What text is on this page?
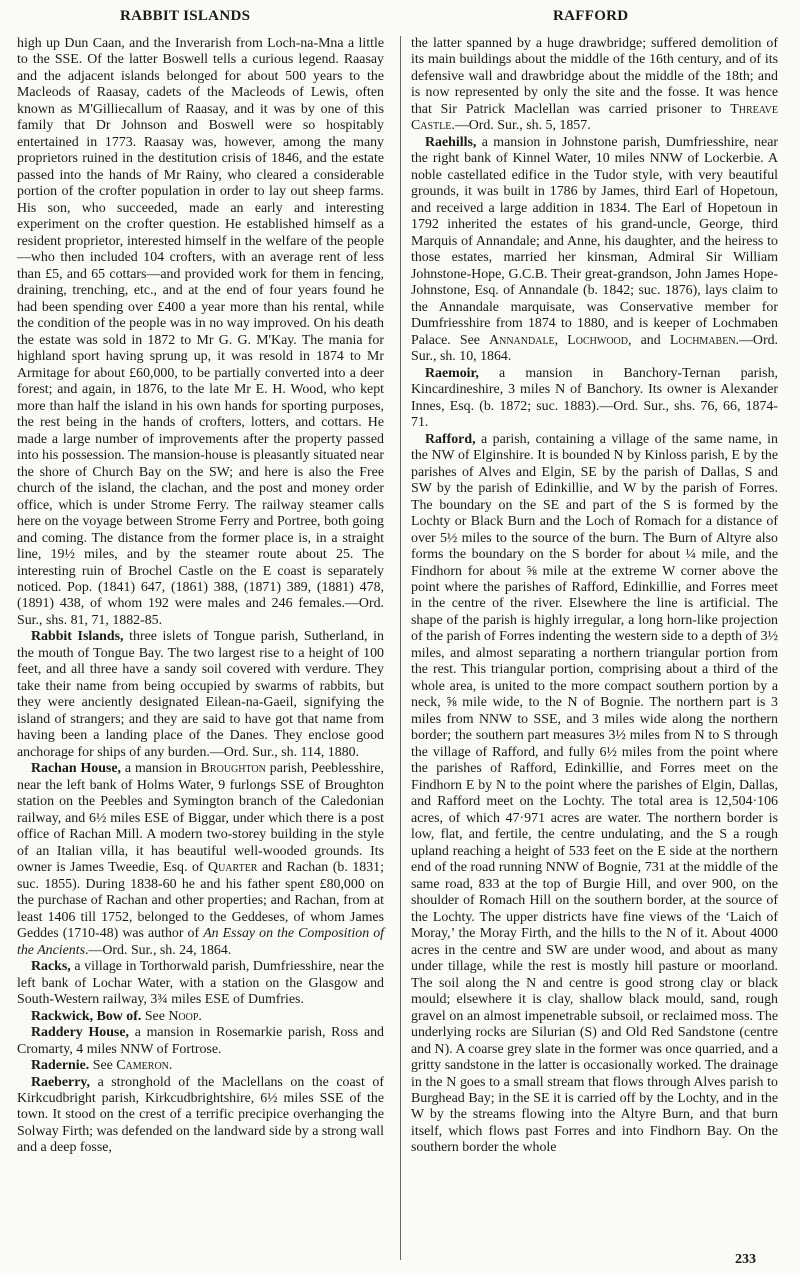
RABBIT ISLANDS	RAFFORD

high up Dun Caan, and the Inverarish from Loch-na-Mna a little to the SSE. Of the latter Boswell tells a curious legend. Raasay and the adjacent islands belonged for about 500 years to the Macleods of Raasay, cadets of the Macleods of Lewis, often known as M'Gilliecallum of Raasay, and it was by one of this family that Dr Johnson and Boswell were so hospitably entertained in 1773. Raasay was, however, among the many proprietors ruined in the destitution crisis of 1846, and the estate passed into the hands of Mr Rainy, who cleared a considerable portion of the crofter population in order to lay out sheep farms. His son, who succeeded, made an early and interesting experiment on the crofter question. He established himself as a resident proprietor, interested himself in the welfare of the people—who then included 104 crofters, with an average rent of less than £5, and 65 cottars—and provided work for them in fencing, draining, trenching, etc., and at the end of four years found he had been spending over £400 a year more than his rental, while the condition of the people was in no way improved. On his death the estate was sold in 1872 to Mr G. G. M'Kay. The mania for highland sport having sprung up, it was resold in 1874 to Mr Armitage for about £60,000, to be partially converted into a deer forest; and again, in 1876, to the late Mr E. H. Wood, who kept more than half the island in his own hands for sporting purposes, the rest being in the hands of crofters, lotters, and cottars. He made a large number of improvements after the property passed into his possession. The mansion-house is pleasantly situated near the shore of Church Bay on the SW; and here is also the Free church of the island, the clachan, and the post and money order office, which is under Strome Ferry. The railway steamer calls here on the voyage between Strome Ferry and Portree, both going and coming. The distance from the former place is, in a straight line, 19½ miles, and by the steamer route about 25. The interesting ruin of Brochel Castle on the E coast is separately noticed. Pop. (1841) 647, (1861) 388, (1871) 389, (1881) 478, (1891) 438, of whom 192 were males and 246 females.—Ord. Sur., shs. 81, 71, 1882-85.

Rabbit Islands, three islets of Tongue parish, Sutherland, in the mouth of Tongue Bay. The two largest rise to a height of 100 feet, and all three have a sandy soil covered with verdure. They take their name from being occupied by swarms of rabbits, but they were anciently designated Eilean-na-Gaeil, signifying the island of strangers; and they are said to have got that name from having been a landing place of the Danes. They enclose good anchorage for ships of any burden.—Ord. Sur., sh. 114, 1880.

Rachan House, a mansion in Broughton parish, Peeblesshire, near the left bank of Holms Water, 9 furlongs SSE of Broughton station on the Peebles and Symington branch of the Caledonian railway, and 6½ miles ESE of Biggar, under which there is a post office of Rachan Mill. A modern two-storey building in the style of an Italian villa, it has beautiful well-wooded grounds. Its owner is James Tweedie, Esq. of Quarter and Rachan (b. 1831; suc. 1855). During 1838-60 he and his father spent £80,000 on the purchase of Rachan and other properties; and Rachan, from at least 1406 till 1752, belonged to the Geddeses, of whom James Geddes (1710-48) was author of An Essay on the Composition of the Ancients.—Ord. Sur., sh. 24, 1864.

Racks, a village in Torthorwald parish, Dumfriesshire, near the left bank of Lochar Water, with a station on the Glasgow and South-Western railway, 3¾ miles ESE of Dumfries.

Rackwick, Bow of. See Noop.

Raddery House, a mansion in Rosemarkie parish, Ross and Cromarty, 4 miles NNW of Fortrose.

Radernie. See Cameron.

Raeberry, a stronghold of the Maclellans on the coast of Kirkcudbright parish, Kirkcudbrightshire, 6½ miles SSE of the town. It stood on the crest of a terrific precipice overhanging the Solway Firth; was defended on the landward side by a strong wall and a deep fosse,

the latter spanned by a huge drawbridge; suffered demolition of its main buildings about the middle of the 16th century, and of its defensive wall and drawbridge about the middle of the 18th; and is now represented by only the site and the fosse. It was hence that Sir Patrick Maclellan was carried prisoner to Threave Castle.—Ord. Sur., sh. 5, 1857.

Raehills, a mansion in Johnstone parish, Dumfriesshire, near the right bank of Kinnel Water, 10 miles NNW of Lockerbie. A noble castellated edifice in the Tudor style, with very beautiful grounds, it was built in 1786 by James, third Earl of Hopetoun, and received a large addition in 1834. The Earl of Hopetoun in 1792 inherited the estates of his grand-uncle, George, third Marquis of Annandale; and Anne, his daughter, and the heiress to those estates, married her kinsman, Admiral Sir William Johnstone-Hope, G.C.B. Their great-grandson, John James Hope-Johnstone, Esq. of Annandale (b. 1842; suc. 1876), lays claim to the Annandale marquisate, was Conservative member for Dumfriesshire from 1874 to 1880, and is keeper of Lochmaben Palace. See Annandale, Lochwood, and Lochmaben.—Ord. Sur., sh. 10, 1864.

Raemoir, a mansion in Banchory-Ternan parish, Kincardineshire, 3 miles N of Banchory. Its owner is Alexander Innes, Esq. (b. 1872; suc. 1883).—Ord. Sur., shs. 76, 66, 1874-71.

Rafford, a parish, containing a village of the same name, in the NW of Elginshire. It is bounded N by Kinloss parish, E by the parishes of Alves and Elgin, SE by the parish of Dallas, S and SW by the parish of Edinkillie, and W by the parish of Forres. The boundary on the SE and part of the S is formed by the Lochty or Black Burn and the Loch of Romach for a distance of over 5½ miles to the source of the burn. The Burn of Altyre also forms the boundary on the S border for about ¼ mile, and the Findhorn for about ⅝ mile at the extreme W corner above the point where the parishes of Rafford, Edinkillie, and Forres meet in the centre of the river. Elsewhere the line is artificial. The shape of the parish is highly irregular, a long horn-like projection of the parish of Forres indenting the western side to a depth of 3½ miles, and almost separating a northern triangular portion from the rest. This triangular portion, comprising about a third of the whole area, is united to the more compact southern portion by a neck, ⅝ mile wide, to the N of Bognie. The northern part is 3 miles from NNW to SSE, and 3 miles wide along the northern border; the southern part measures 3½ miles from N to S through the village of Rafford, and fully 6½ miles from the point where the parishes of Rafford, Edinkillie, and Forres meet on the Findhorn E by N to the point where the parishes of Elgin, Dallas, and Rafford meet on the Lochty. The total area is 12,504·106 acres, of which 47·971 acres are water. The northern border is low, flat, and fertile, the centre undulating, and the S a rough upland reaching a height of 533 feet on the E side at the northern end of the road running NNW of Bognie, 731 at the middle of the same road, 833 at the top of Burgie Hill, and over 900, on the shoulder of Romach Hill on the southern border, at the source of the Lochty. The upper districts have fine views of the ‘Laich of Moray,’ the Moray Firth, and the hills to the N of it. About 4000 acres in the centre and SW are under wood, and about as many under tillage, while the rest is mostly hill pasture or moorland. The soil along the N and centre is good strong clay or black mould; elsewhere it is clay, shallow black mould, sand, rough gravel on an almost impenetrable subsoil, or reclaimed moss. The underlying rocks are Silurian (S) and Old Red Sandstone (centre and N). A coarse grey slate in the former was once quarried, and a gritty sandstone in the latter is occasionally worked. The drainage in the N goes to a small stream that flows through Alves parish to Burghead Bay; in the SE it is carried off by the Lochty, and in the W by the streams flowing into the Altyre Burn, and that burn itself, which flows past Forres and into Findhorn Bay. On the southern border the whole

233
